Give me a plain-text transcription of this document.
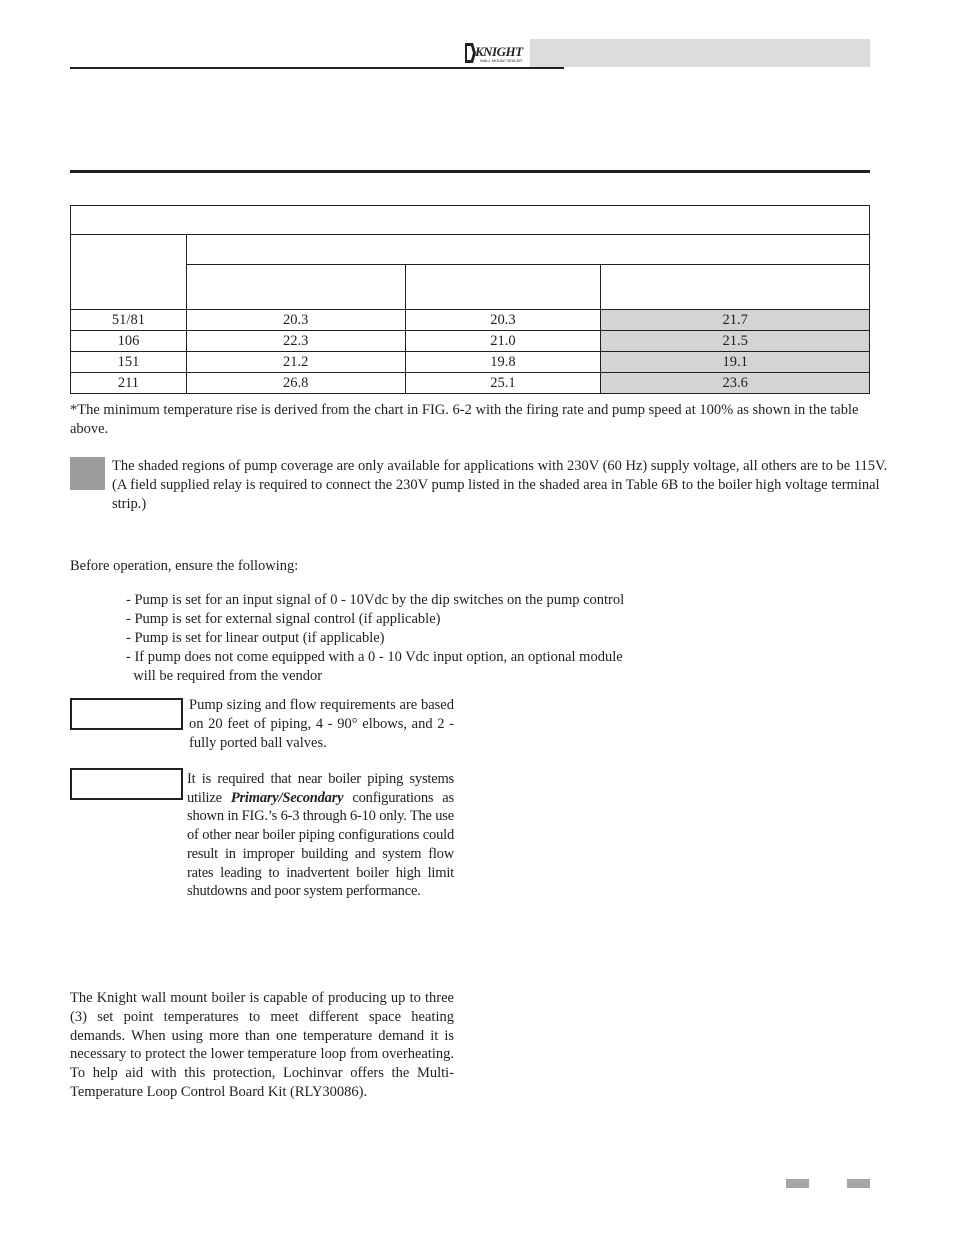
KNIGHT
WALL MOUNT BOILER

51/81	20.3	20.3	21.7
106	22.3	21.0	21.5
151	21.2	19.8	19.1
211	26.8	25.1	23.6
*The minimum temperature rise is derived from the chart in FIG. 6-2 with the firing rate and pump speed at 100% as shown in the table above.
The shaded regions of pump coverage are only available for applications with 230V (60 Hz) supply voltage, all others are to be 115V. (A field supplied relay is required to connect the 230V pump listed in the shaded area in Table 6B to the boiler high voltage terminal strip.)
Before operation, ensure the following:
- Pump is set for an input signal of 0 - 10Vdc by the dip switches on the pump control
- Pump is set for external signal control (if applicable)
- Pump is set for linear output (if applicable)
- If pump does not come equipped with a 0 - 10 Vdc input option, an optional module
will be required from the vendor
Pump sizing and flow requirements are based on 20 feet of piping, 4 - 90° elbows, and 2 - fully ported ball valves.
It is required that near boiler piping systems utilize Primary/Secondary configurations as shown in FIG.’s 6-3 through 6-10 only. The use of other near boiler piping configurations could result in improper building and system flow rates leading to inadvertent boiler high limit shutdowns and poor system performance.
The Knight wall mount boiler is capable of producing up to three (3) set point temperatures to meet different space heating demands. When using more than one temperature demand it is necessary to protect the lower temperature loop from overheating. To help aid with this protection, Lochinvar offers the Multi- Temperature Loop Control Board Kit (RLY30086).
